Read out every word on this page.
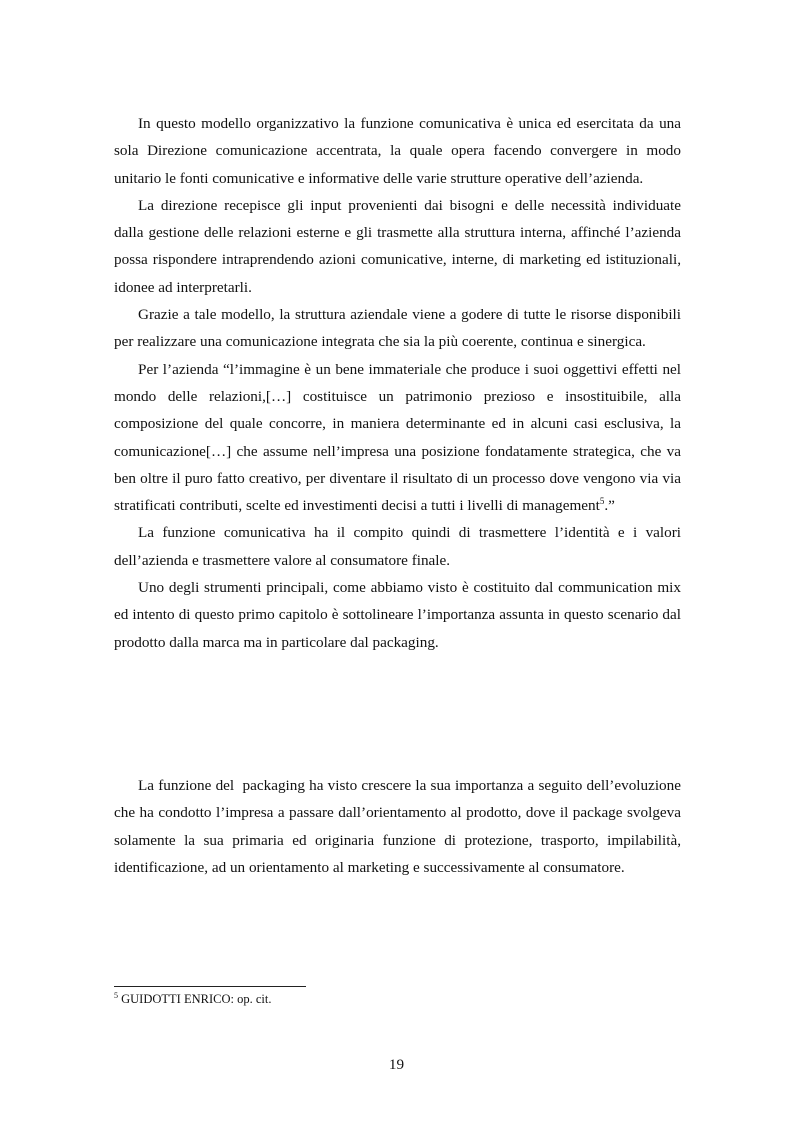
In questo modello organizzativo la funzione comunicativa è unica ed esercitata da una sola Direzione comunicazione accentrata, la quale opera facendo convergere in modo unitario le fonti comunicative e informative delle varie strutture operative dell’azienda.

La direzione recepisce gli input provenienti dai bisogni e delle necessità individuate dalla gestione delle relazioni esterne e gli trasmette alla struttura interna, affinché l’azienda possa rispondere intraprendendo azioni comunicative, interne, di marketing ed istituzionali, idonee ad interpretarli.

Grazie a tale modello, la struttura aziendale viene a godere di tutte le risorse disponibili per realizzare una comunicazione integrata che sia la più coerente, continua e sinergica.

Per l’azienda “l’immagine è un bene immateriale che produce i suoi oggettivi effetti nel mondo delle relazioni,[…] costituisce un patrimonio prezioso e insostituibile, alla composizione del quale concorre, in maniera determinante ed in alcuni casi esclusiva, la comunicazione[…] che assume nell’impresa una posizione fondatamente strategica, che va ben oltre il puro fatto creativo, per diventare il risultato di un processo dove vengono via via stratificati contributi, scelte ed investimenti decisi a tutti i livelli di management$^5$.”

La funzione comunicativa ha il compito quindi di trasmettere l’identità e i valori dell’azienda e trasmettere valore al consumatore finale.

Uno degli strumenti principali, come abbiamo visto è costituito dal communication mix ed intento di questo primo capitolo è sottolineare l’importanza assunta in questo scenario dal prodotto dalla marca ma in particolare dal packaging.

La funzione del  packaging ha visto crescere la sua importanza a seguito dell’evoluzione che ha condotto l’impresa a passare dall’orientamento al prodotto, dove il package svolgeva solamente la sua primaria ed originaria funzione di protezione, trasporto, impilabilità, identificazione, ad un orientamento al marketing e successivamente al consumatore.

$^5$ GUIDOTTI ENRICO: op. cit.
19
